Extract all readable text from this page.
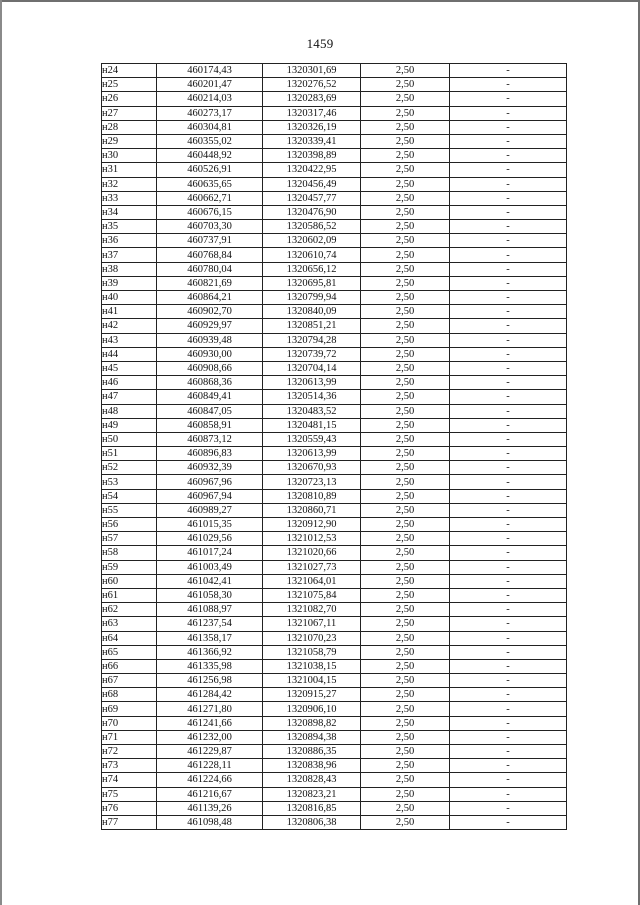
1459
н24	460174,43	1320301,69	2,50	-
н25	460201,47	1320276,52	2,50	-
н26	460214,03	1320283,69	2,50	-
н27	460273,17	1320317,46	2,50	-
н28	460304,81	1320326,19	2,50	-
н29	460355,02	1320339,41	2,50	-
н30	460448,92	1320398,89	2,50	-
н31	460526,91	1320422,95	2,50	-
н32	460635,65	1320456,49	2,50	-
н33	460662,71	1320457,77	2,50	-
н34	460676,15	1320476,90	2,50	-
н35	460703,30	1320586,52	2,50	-
н36	460737,91	1320602,09	2,50	-
н37	460768,84	1320610,74	2,50	-
н38	460780,04	1320656,12	2,50	-
н39	460821,69	1320695,81	2,50	-
н40	460864,21	1320799,94	2,50	-
н41	460902,70	1320840,09	2,50	-
н42	460929,97	1320851,21	2,50	-
н43	460939,48	1320794,28	2,50	-
н44	460930,00	1320739,72	2,50	-
н45	460908,66	1320704,14	2,50	-
н46	460868,36	1320613,99	2,50	-
н47	460849,41	1320514,36	2,50	-
н48	460847,05	1320483,52	2,50	-
н49	460858,91	1320481,15	2,50	-
н50	460873,12	1320559,43	2,50	-
н51	460896,83	1320613,99	2,50	-
н52	460932,39	1320670,93	2,50	-
н53	460967,96	1320723,13	2,50	-
н54	460967,94	1320810,89	2,50	-
н55	460989,27	1320860,71	2,50	-
н56	461015,35	1320912,90	2,50	-
н57	461029,56	1321012,53	2,50	-
н58	461017,24	1321020,66	2,50	-
н59	461003,49	1321027,73	2,50	-
н60	461042,41	1321064,01	2,50	-
н61	461058,30	1321075,84	2,50	-
н62	461088,97	1321082,70	2,50	-
н63	461237,54	1321067,11	2,50	-
н64	461358,17	1321070,23	2,50	-
н65	461366,92	1321058,79	2,50	-
н66	461335,98	1321038,15	2,50	-
н67	461256,98	1321004,15	2,50	-
н68	461284,42	1320915,27	2,50	-
н69	461271,80	1320906,10	2,50	-
н70	461241,66	1320898,82	2,50	-
н71	461232,00	1320894,38	2,50	-
н72	461229,87	1320886,35	2,50	-
н73	461228,11	1320838,96	2,50	-
н74	461224,66	1320828,43	2,50	-
н75	461216,67	1320823,21	2,50	-
н76	461139,26	1320816,85	2,50	-
н77	461098,48	1320806,38	2,50	-
